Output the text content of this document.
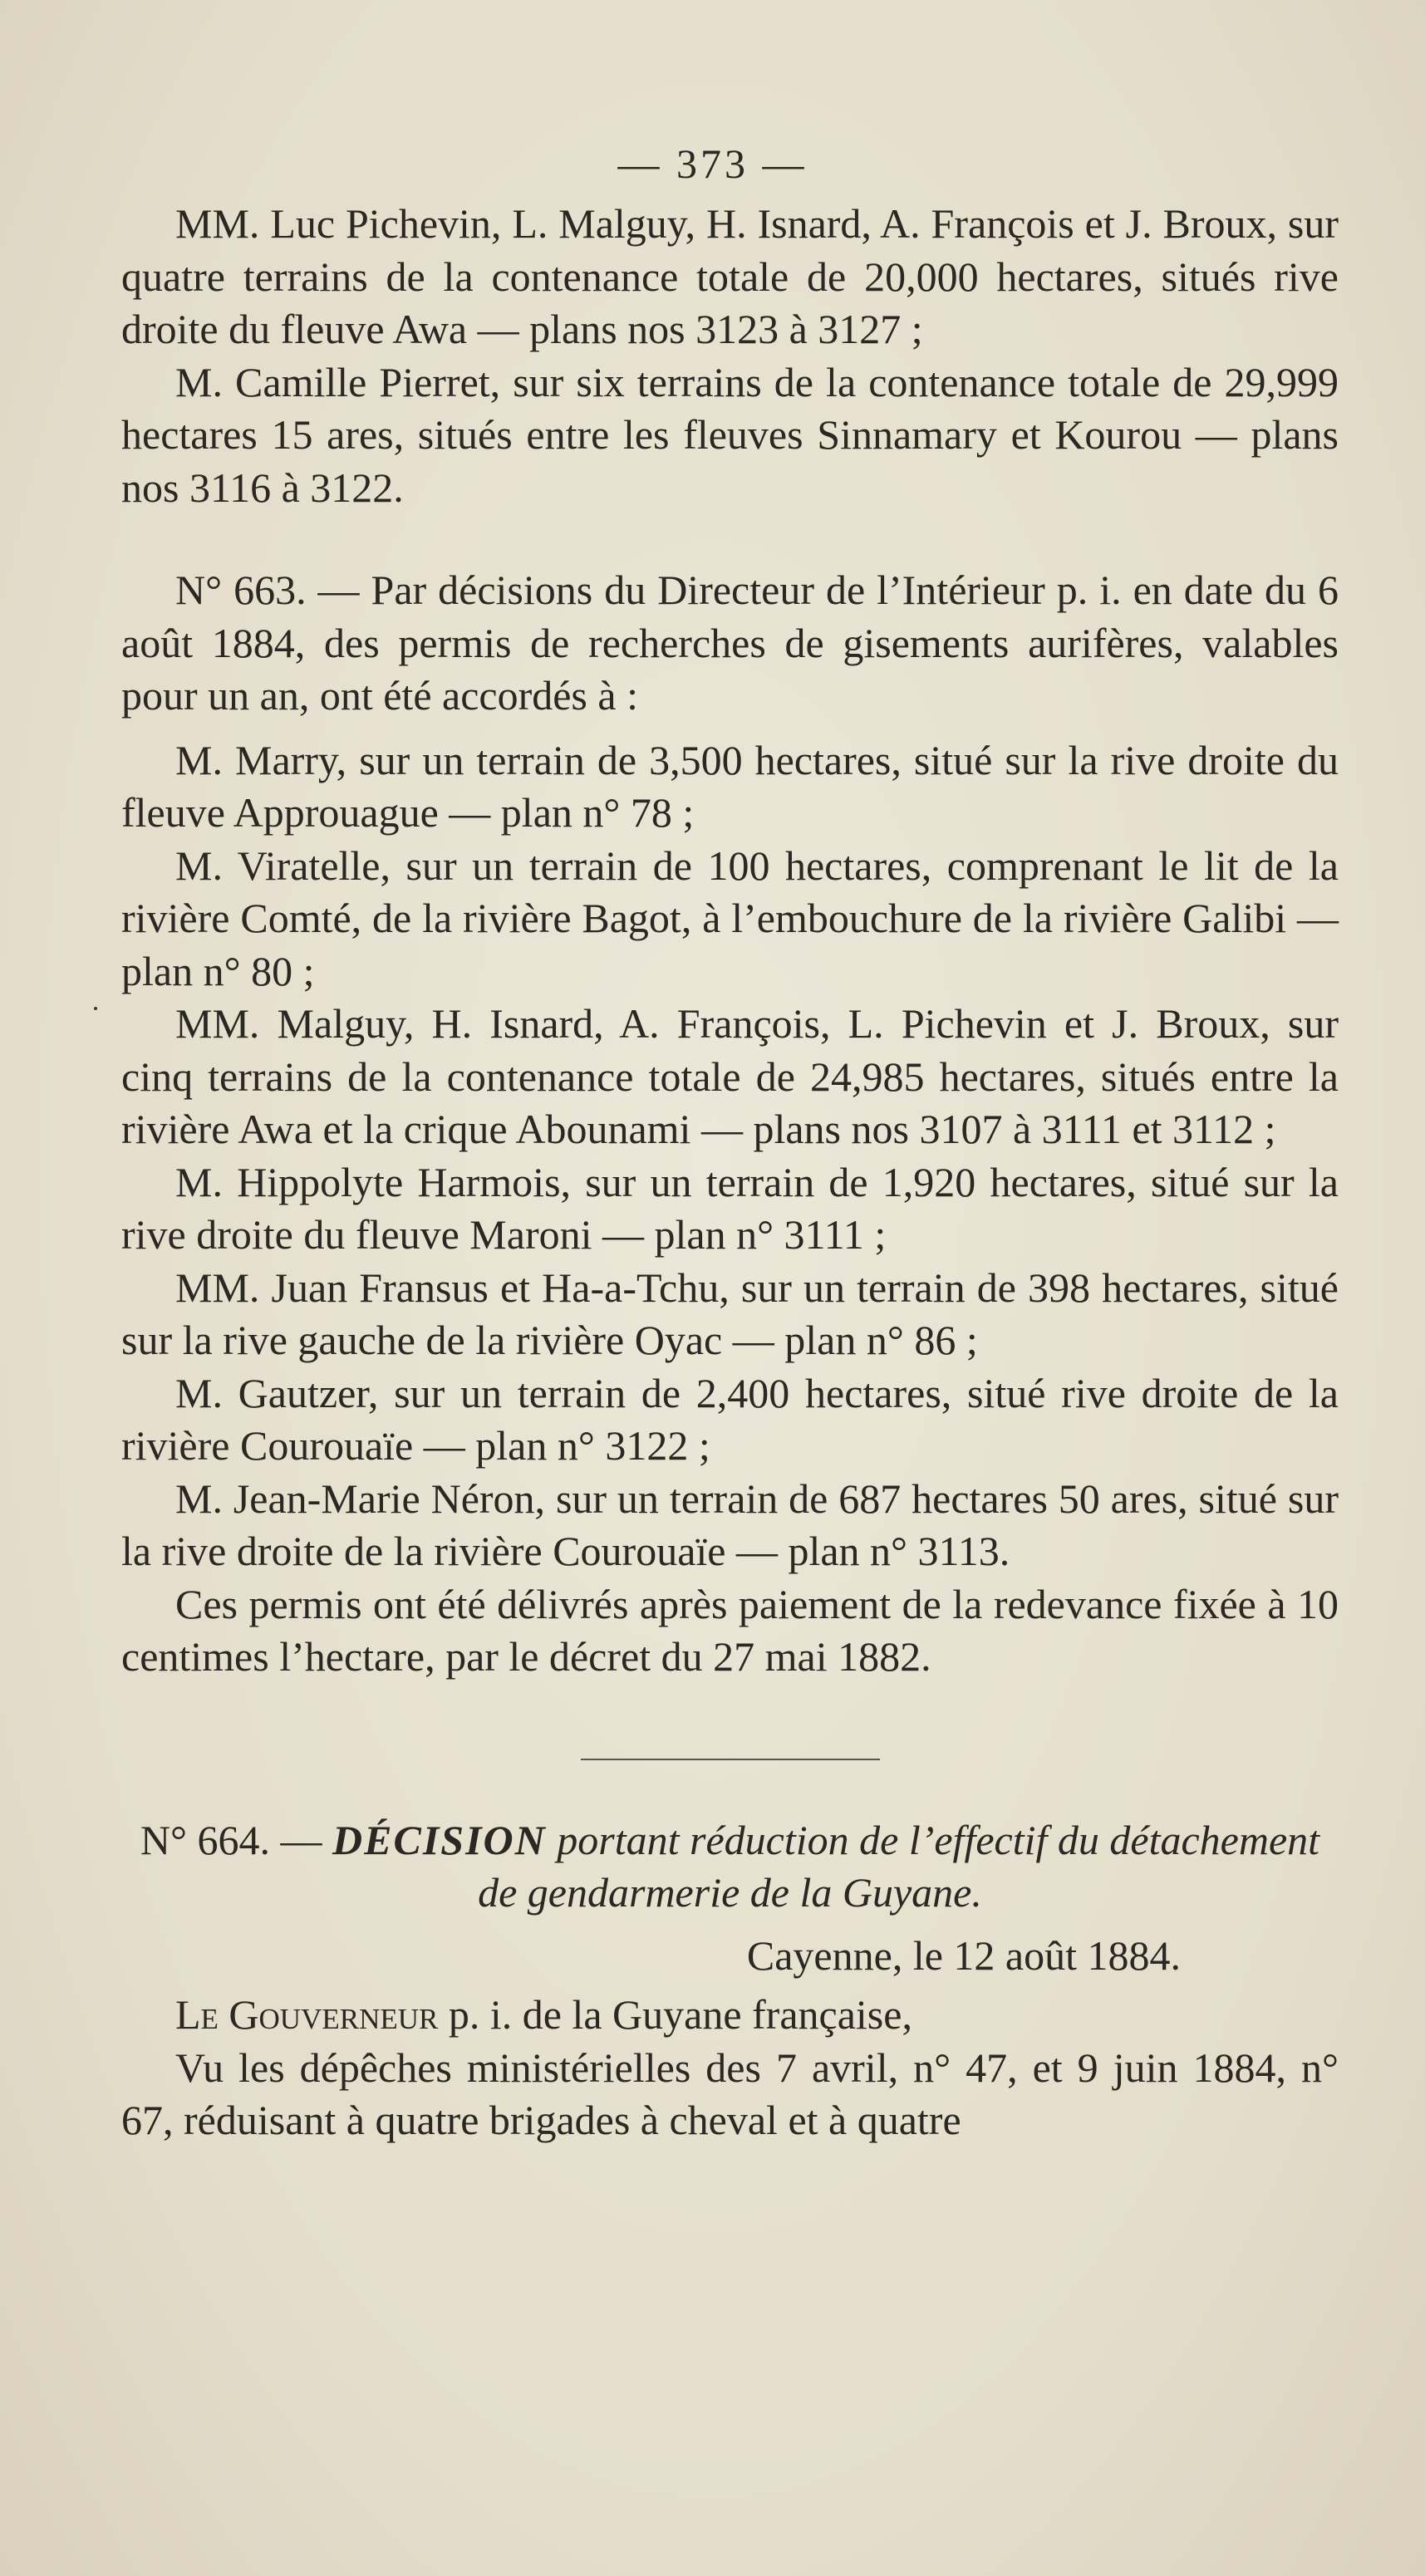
— 373 —

MM. Luc Pichevin, L. Malguy, H. Isnard, A. François et J. Broux, sur quatre terrains de la contenance totale de 20,000 hectares, situés rive droite du fleuve Awa — plans nos 3123 à 3127 ;

M. Camille Pierret, sur six terrains de la contenance totale de 29,999 hectares 15 ares, situés entre les fleuves Sinnamary et Kourou — plans nos 3116 à 3122.

N° 663. — Par décisions du Directeur de l’Intérieur p. i. en date du 6 août 1884, des permis de recherches de gisements aurifères, valables pour un an, ont été accordés à :

M. Marry, sur un terrain de 3,500 hectares, situé sur la rive droite du fleuve Approuague — plan n° 78 ;

M. Viratelle, sur un terrain de 100 hectares, comprenant le lit de la rivière Comté, de la rivière Bagot, à l’embouchure de la rivière Galibi — plan n° 80 ;

MM. Malguy, H. Isnard, A. François, L. Pichevin et J. Broux, sur cinq terrains de la contenance totale de 24,985 hectares, situés entre la rivière Awa et la crique Abounami — plans nos 3107 à 3111 et 3112 ;

M. Hippolyte Harmois, sur un terrain de 1,920 hectares, situé sur la rive droite du fleuve Maroni — plan n° 3111 ;

MM. Juan Fransus et Ha-a-Tchu, sur un terrain de 398 hectares, situé sur la rive gauche de la rivière Oyac — plan n° 86 ;

M. Gautzer, sur un terrain de 2,400 hectares, situé rive droite de la rivière Courouaïe — plan n° 3122 ;

M. Jean-Marie Néron, sur un terrain de 687 hectares 50 ares, situé sur la rive droite de la rivière Courouaïe — plan n° 3113.

Ces permis ont été délivrés après paiement de la redevance fixée à 10 centimes l’hectare, par le décret du 27 mai 1882.

N° 664. — DÉCISION portant réduction de l’effectif du détachement de gendarmerie de la Guyane.

Cayenne, le 12 août 1884.

Le Gouverneur p. i. de la Guyane française,

Vu les dépêches ministérielles des 7 avril, n° 47, et 9 juin 1884, n° 67, réduisant à quatre brigades à cheval et à quatre
